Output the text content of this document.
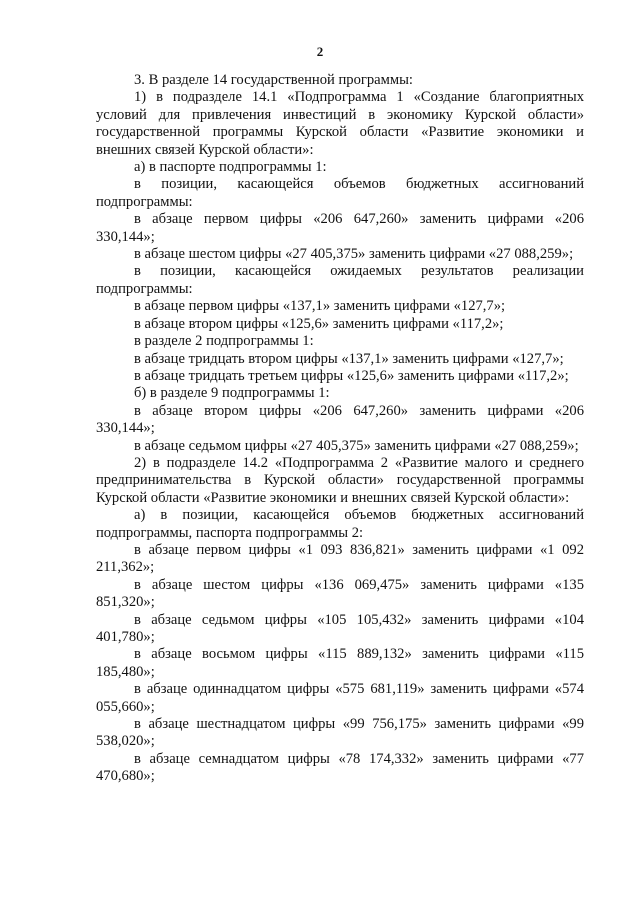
2

3. В разделе 14 государственной программы:

1) в подразделе 14.1 «Подпрограмма 1 «Создание благоприятных условий для привлечения инвестиций в экономику Курской области» государственной программы Курской области «Развитие экономики и внешних связей Курской области»:

а) в паспорте подпрограммы 1:

в позиции, касающейся объемов бюджетных ассигнований подпрограммы:

в абзаце первом цифры «206 647,260» заменить цифрами «206 330,144»;

в абзаце шестом цифры «27 405,375» заменить цифрами «27 088,259»;

в позиции, касающейся ожидаемых результатов реализации подпрограммы:

в абзаце первом цифры «137,1» заменить цифрами «127,7»;

в абзаце втором цифры «125,6» заменить цифрами «117,2»;

в разделе 2 подпрограммы 1:

в абзаце тридцать втором цифры «137,1» заменить цифрами «127,7»;

в абзаце тридцать третьем цифры «125,6» заменить цифрами «117,2»;

б) в разделе 9 подпрограммы 1:

в абзаце втором цифры «206 647,260» заменить цифрами «206 330,144»;

в абзаце седьмом цифры «27 405,375» заменить цифрами «27 088,259»;

2) в подразделе 14.2 «Подпрограмма 2 «Развитие малого и среднего предпринимательства в Курской области» государственной программы Курской области «Развитие экономики и внешних связей Курской области»:

а) в позиции, касающейся объемов бюджетных ассигнований подпрограммы, паспорта подпрограммы 2:

в абзаце первом цифры «1 093 836,821» заменить цифрами «1 092 211,362»;

в абзаце шестом цифры «136 069,475» заменить цифрами «135 851,320»;

в абзаце седьмом цифры «105 105,432» заменить цифрами «104 401,780»;

в абзаце восьмом цифры «115 889,132» заменить цифрами «115 185,480»;

в абзаце одиннадцатом цифры «575 681,119» заменить цифрами «574 055,660»;

в абзаце шестнадцатом цифры «99 756,175» заменить цифрами «99 538,020»;

в абзаце семнадцатом цифры «78 174,332» заменить цифрами «77 470,680»;
